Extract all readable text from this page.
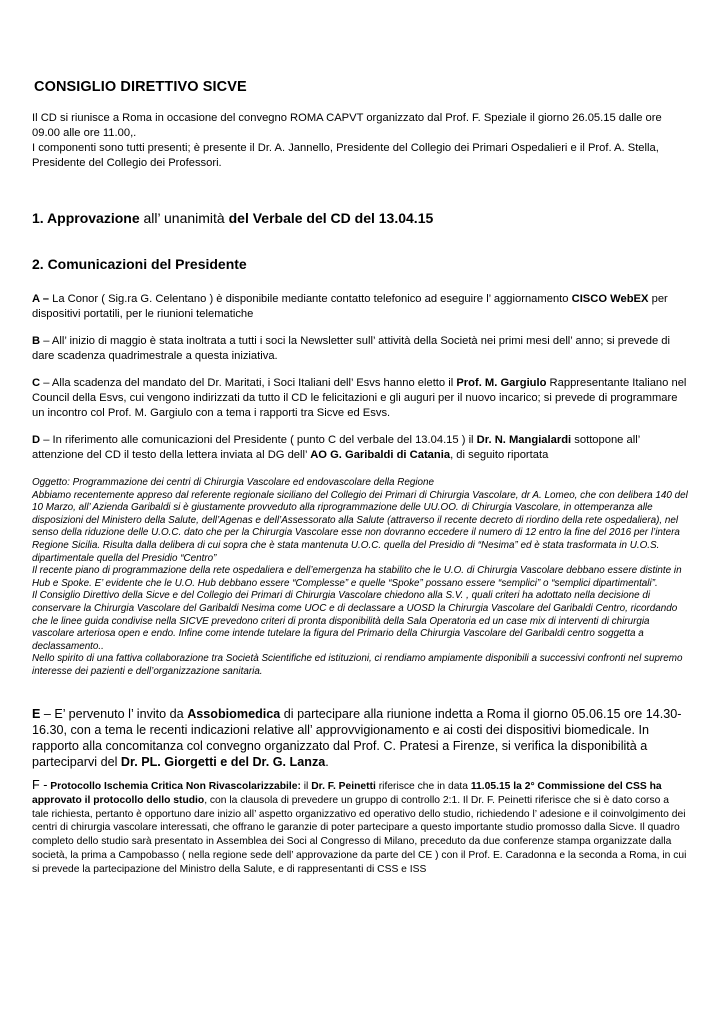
CONSIGLIO DIRETTIVO SICVE

Il CD si riunisce a Roma in occasione del convegno ROMA CAPVT organizzato dal Prof. F. Speziale il giorno 26.05.15 dalle ore 09.00 alle ore 11.00,.
I componenti sono tutti presenti; è presente il Dr. A. Jannello, Presidente del Collegio dei Primari Ospedalieri e il Prof. A. Stella, Presidente del Collegio dei Professori.

1. Approvazione all’ unanimità del Verbale del CD del 13.04.15

2. Comunicazioni del Presidente

A – La Conor ( Sig.ra G. Celentano ) è disponibile mediante contatto telefonico ad eseguire l’ aggiornamento CISCO WebEX per dispositivi portatili, per le riunioni telematiche

B – All’ inizio di maggio è stata inoltrata a tutti i soci la Newsletter sull’ attività della Società nei primi mesi dell’ anno; si prevede di dare scadenza quadrimestrale a questa iniziativa.

C – Alla scadenza del mandato del Dr. Maritati, i Soci Italiani dell’ Esvs hanno eletto il Prof. M. Gargiulo Rappresentante Italiano nel Council della Esvs, cui vengono indirizzati da tutto il CD le felicitazioni e gli auguri per il nuovo incarico; si prevede di programmare un incontro col Prof. M. Gargiulo con a tema i rapporti tra Sicve ed Esvs.

D – In riferimento alle comunicazioni del Presidente ( punto C del verbale del 13.04.15 ) il Dr. N. Mangialardi sottopone all’ attenzione del CD il testo della lettera inviata al DG dell’ AO G. Garibaldi di Catania, di seguito riportata

Oggetto: Programmazione dei centri di Chirurgia Vascolare ed endovascolare della Regione
Abbiamo recentemente appreso dal referente regionale siciliano del Collegio dei Primari di Chirurgia Vascolare, dr A. Lomeo, che con delibera 140 del 10 Marzo, all’ Azienda Garibaldi si è giustamente provveduto alla riprogrammazione delle UU.OO. di Chirurgia Vascolare, in ottemperanza alle disposizioni del Ministero della Salute, dell’Agenas e dell’Assessorato alla Salute (attraverso il recente decreto di riordino della rete ospedaliera), nel senso della riduzione delle U.O.C. dato che per la Chirurgia Vascolare esse non dovranno eccedere il numero di 12 entro la fine del 2016 per l’intera Regione Sicilia. Risulta dalla delibera di cui sopra che è stata mantenuta U.O.C. quella del Presidio di “Nesima” ed è stata trasformata in U.O.S. dipartimentale quella del Presidio “Centro”
Il recente piano di programmazione della rete ospedaliera e dell’emergenza ha stabilito che le U.O. di Chirurgia Vascolare debbano essere distinte in Hub e Spoke. E’ evidente che le U.O. Hub debbano essere “Complesse” e quelle “Spoke” possano essere “semplici” o “semplici dipartimentali”.
Il Consiglio Direttivo della Sicve e del Collegio dei Primari di Chirurgia Vascolare chiedono alla S.V. , quali criteri ha adottato nella decisione di conservare la Chirurgia Vascolare del Garibaldi Nesima come UOC e di declassare a UOSD la Chirurgia Vascolare del Garibaldi Centro, ricordando che le linee guida condivise nella SICVE prevedono criteri di pronta disponibilità della Sala Operatoria ed un case mix di interventi di chirurgia vascolare arteriosa open e endo. Infine come intende tutelare la figura del Primario della Chirurgia Vascolare del Garibaldi centro soggetta a declassamento..
Nello spirito di una fattiva collaborazione tra Società Scientifiche ed istituzioni, ci rendiamo ampiamente disponibili a successivi confronti nel supremo interesse dei pazienti e dell’organizzazione sanitaria.

E – E’ pervenuto l’ invito da Assobiomedica di partecipare alla riunione indetta a Roma il giorno 05.06.15 ore 14.30-16.30, con a tema le recenti indicazioni relative all’ approvvigionamento e ai costi dei dispositivi biomedicale. In rapporto alla concomitanza col convegno organizzato dal Prof. C. Pratesi a Firenze, si verifica la disponibilità a parteciparvi del Dr. PL. Giorgetti e del Dr. G. Lanza.

F - Protocollo Ischemia Critica Non Rivascolarizzabile: il Dr. F. Peinetti riferisce che in data 11.05.15 la 2° Commissione del CSS ha approvato il protocollo dello studio, con la clausola di prevedere un gruppo di controllo 2:1. Il Dr. F. Peinetti riferisce che si è dato corso a tale richiesta, pertanto è opportuno dare inizio all’ aspetto organizzativo ed operativo dello studio, richiedendo l’ adesione e il coinvolgimento dei centri di chirurgia vascolare interessati, che offrano le garanzie di poter partecipare a questo importante studio promosso dalla Sicve. Il quadro completo dello studio sarà presentato in Assemblea dei Soci al Congresso di Milano, preceduto da due conferenze stampa organizzate dalla società, la prima a Campobasso ( nella regione sede dell’ approvazione da parte del CE ) con il Prof. E. Caradonna e la seconda a Roma, in cui si prevede la partecipazione del Ministro della Salute, e di rappresentanti di CSS e ISS
